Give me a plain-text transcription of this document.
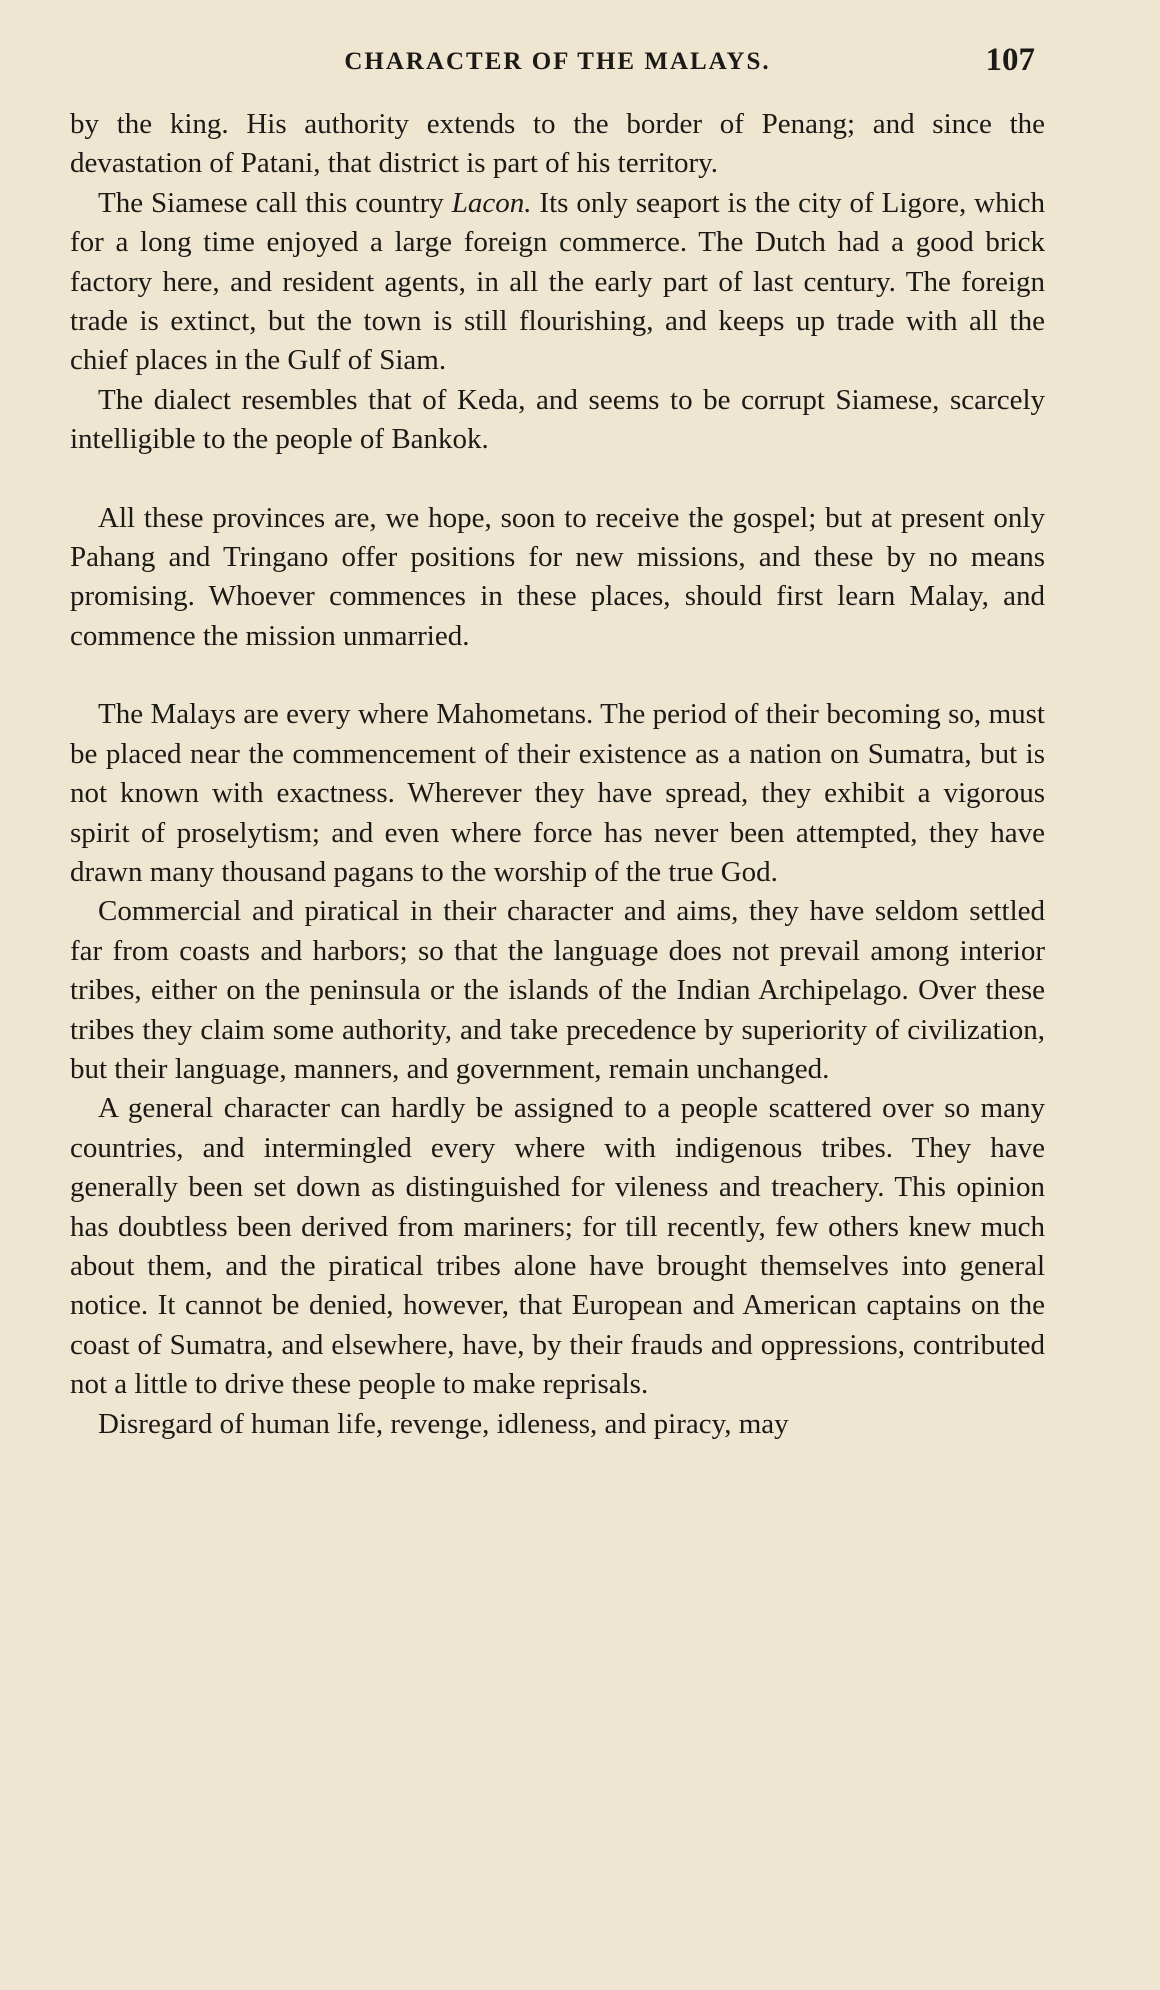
CHARACTER OF THE MALAYS.	107

by the king. His authority extends to the border of Penang; and since the devastation of Patani, that district is part of his territory.

The Siamese call this country Lacon. Its only seaport is the city of Ligore, which for a long time enjoyed a large foreign commerce. The Dutch had a good brick factory here, and resident agents, in all the early part of last century. The foreign trade is extinct, but the town is still flourishing, and keeps up trade with all the chief places in the Gulf of Siam.

The dialect resembles that of Keda, and seems to be corrupt Siamese, scarcely intelligible to the people of Bankok.

All these provinces are, we hope, soon to receive the gospel; but at present only Pahang and Tringano offer positions for new missions, and these by no means promising. Whoever commences in these places, should first learn Malay, and commence the mission unmarried.

The Malays are every where Mahometans. The period of their becoming so, must be placed near the commencement of their existence as a nation on Sumatra, but is not known with exactness. Wherever they have spread, they exhibit a vigorous spirit of proselytism; and even where force has never been attempted, they have drawn many thousand pagans to the worship of the true God.

Commercial and piratical in their character and aims, they have seldom settled far from coasts and harbors; so that the language does not prevail among interior tribes, either on the peninsula or the islands of the Indian Archipelago. Over these tribes they claim some authority, and take precedence by superiority of civilization, but their language, manners, and government, remain unchanged.

A general character can hardly be assigned to a people scattered over so many countries, and intermingled every where with indigenous tribes. They have generally been set down as distinguished for vileness and treachery. This opinion has doubtless been derived from mariners; for till recently, few others knew much about them, and the piratical tribes alone have brought themselves into general notice. It cannot be denied, however, that European and American captains on the coast of Sumatra, and elsewhere, have, by their frauds and oppressions, contributed not a little to drive these people to make reprisals.

Disregard of human life, revenge, idleness, and piracy, may
